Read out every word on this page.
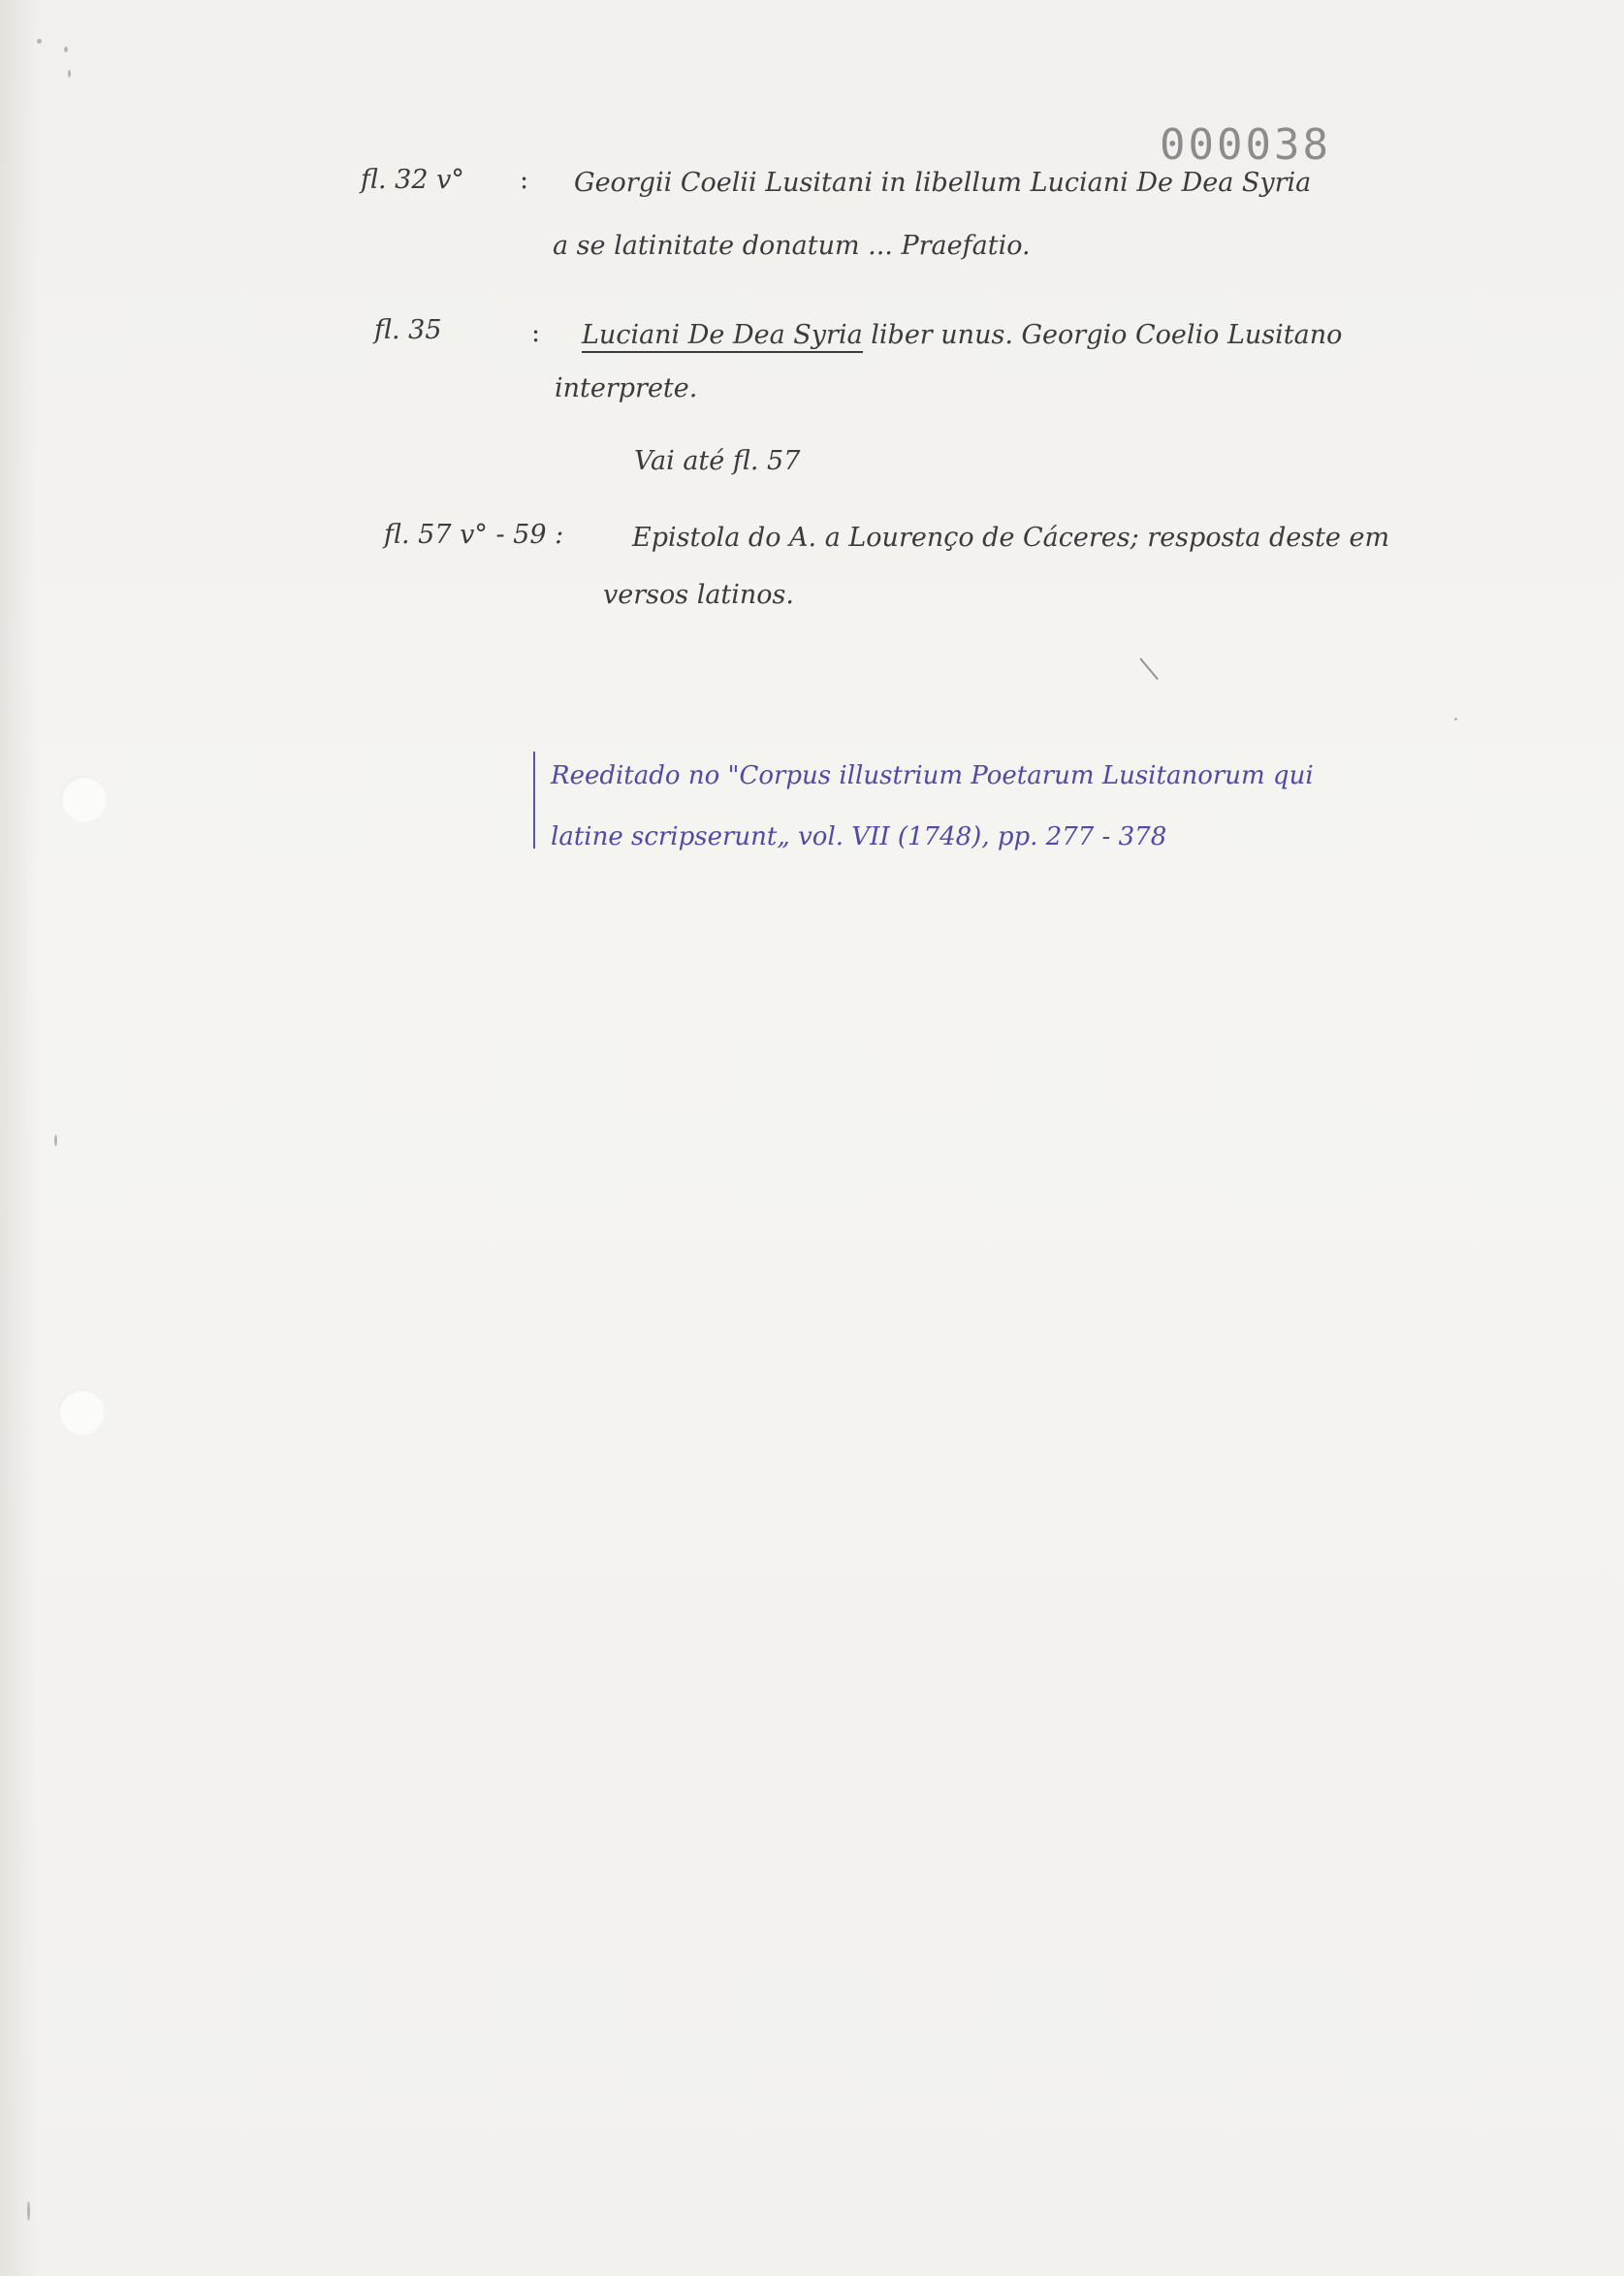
000038
fl. 32 v° : Georgii Coelii Lusitani in libellum Luciani De Dea Syria
a se latinitate donatum ... Praefatio.
fl. 35	: Luciani De Dea Syria liber unus. Georgio Coelio Lusitano
interprete.
Vai até fl. 57
fl. 57 v° - 59 :	Epistola do A. a Lourenço de Cáceres; resposta deste em
versos latinos.
Reeditado no "Corpus illustrium Poetarum Lusitanorum qui
latine scripserunt„ vol. VII (1748), pp. 277 - 378
